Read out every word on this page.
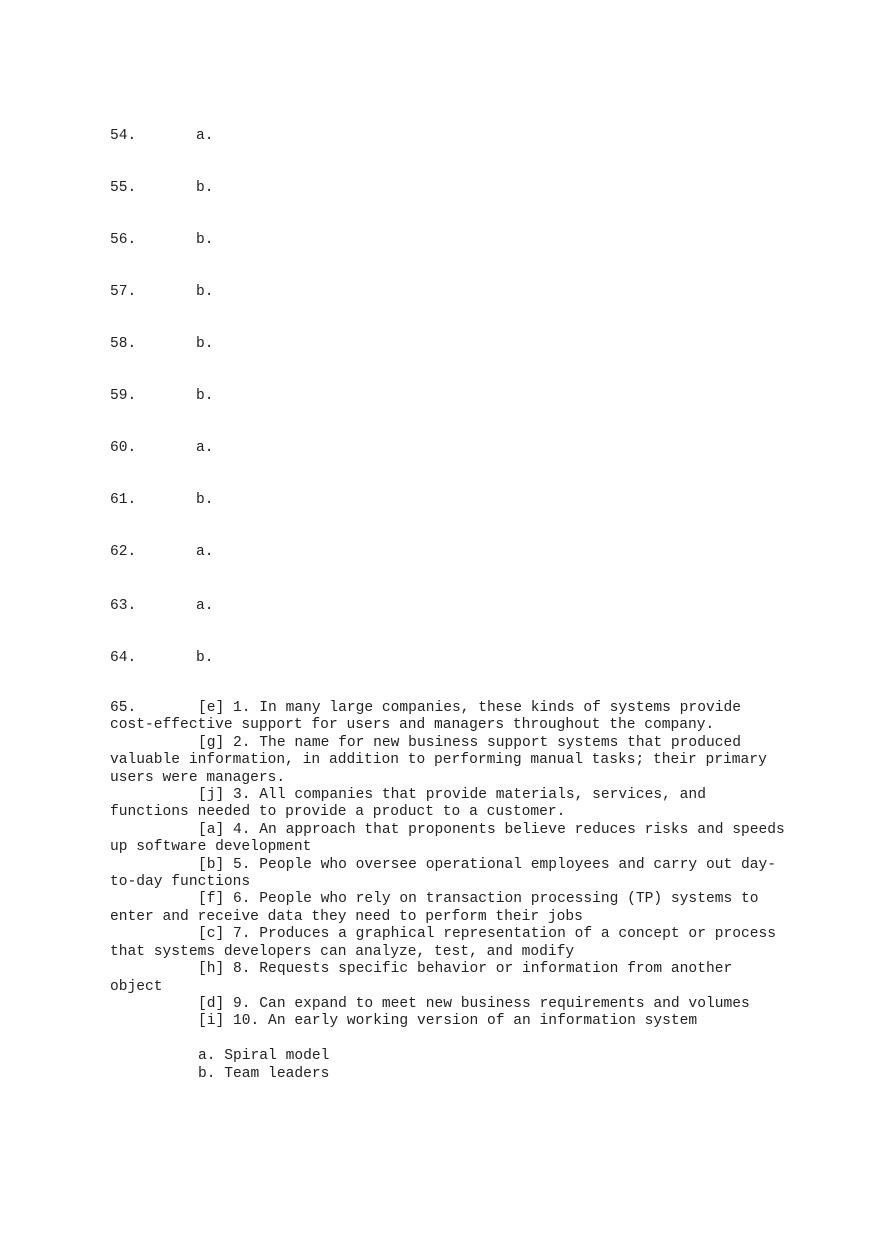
54.

	a.

55.

	b.

56.

	b.

57.

	b.

58.

	b.

59.

	b.

60.

	a.

61.

	b.

62.

	a.

63.

	a.

64.

	b.

65.	[e] 1. In many large companies, these kinds of systems provide cost-effective support for users and managers throughout the company.

[g] 2. The name for new business support systems that produced valuable information, in addition to performing manual tasks; their primary users were managers.

[j] 3. All companies that provide materials, services, and functions needed to provide a product to a customer.

[a] 4. An approach that proponents believe reduces risks and speeds up software development

[b] 5. People who oversee operational employees and carry out day-to-day functions

[f] 6. People who rely on transaction processing (TP) systems to enter and receive data they need to perform their jobs

[c] 7. Produces a graphical representation of a concept or process that systems developers can analyze, test, and modify

[h] 8. Requests specific behavior or information from another object

[d] 9. Can expand to meet new business requirements and volumes

[i] 10. An early working version of an information system

a. Spiral model

b. Team leaders
